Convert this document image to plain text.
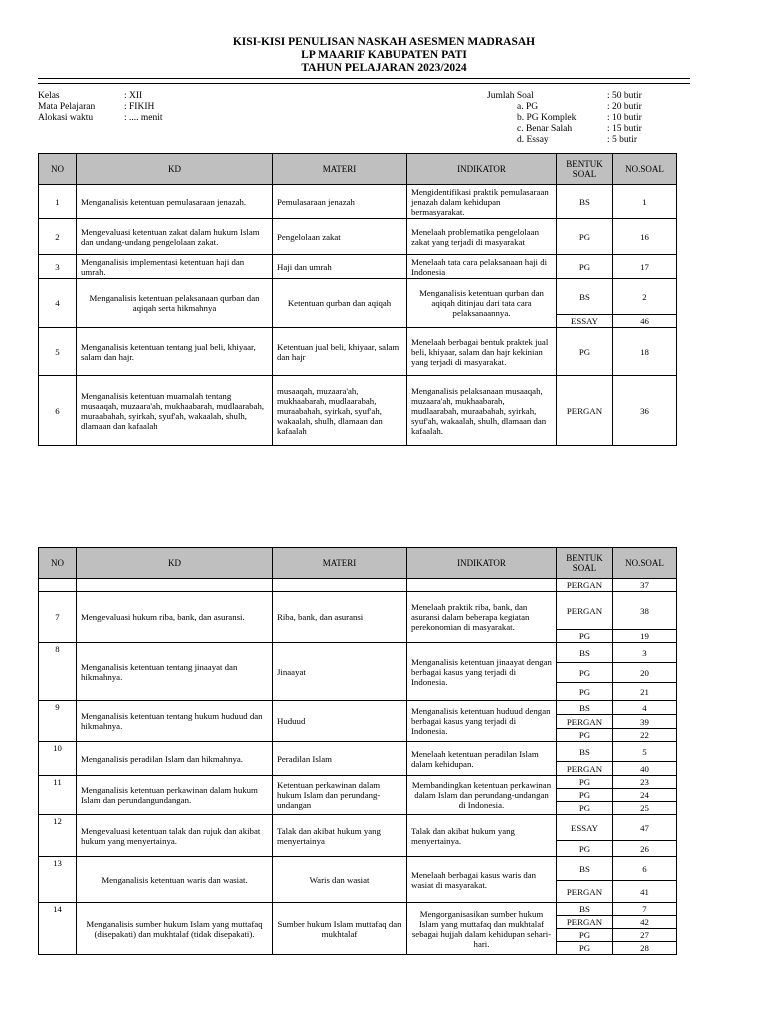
KISI-KISI PENULISAN NASKAH ASESMEN MADRASAH
LP MAARIF KABUPATEN PATI
TAHUN PELAJARAN 2023/2024
Kelas	: XII
Mata Pelajaran	: FIKIH
Alokasi waktu	: .... menit
Jumlah Soal	: 50 butir
a. PG	: 20 butir
b. PG Komplek	: 10 butir
c. Benar Salah	: 15 butir
d. Essay	: 5 butir
NO	KD	MATERI	INDIKATOR	BENTUK SOAL	NO.SOAL
1	Menganalisis ketentuan pemulasaraan jenazah.	Pemulasaraan jenazah	Mengidentifikasi praktik pemulasaraan jenazah dalam kehidupan bermasyarakat.	BS	1
2	Mengevaluasi ketentuan zakat dalam hukum Islam dan undang-undang pengelolaan zakat.	Pengelolaan zakat	Menelaah problematika pengelolaan zakat yang terjadi di masyarakat	PG	16
3	Menganalisis implementasi ketentuan haji dan umrah.	Haji dan umrah	Menelaah tata cara pelaksanaan haji di Indonesia	PG	17
4	Menganalisis ketentuan pelaksanaan qurban dan aqiqah serta hikmahnya	Ketentuan qurban dan aqiqah	Menganalisis ketentuan qurban dan aqiqah ditinjau dari tata cara pelaksanaannya.	BS	2
				ESSAY	46
5	Menganalisis ketentuan tentang jual beli, khiyaar, salam dan hajr.	Ketentuan jual beli, khiyaar, salam dan hajr	Menelaah berbagai bentuk praktek jual beli, khiyaar, salam dan hajr kekinian yang terjadi di masyarakat.	PG	18
6	Menganalisis ketentuan muamalah tentang musaaqah, muzaara'ah, mukhaabarah, mudlaarabah, muraabahah, syirkah, syuf'ah, wakaalah, shulh, dlamaan dan kafaalah	musaaqah, muzaara'ah, mukhaabarah, mudlaarabah, muraabahah, syirkah, syuf'ah, wakaalah, shulh, dlamaan dan kafaalah	Menganalisis pelaksanaan musaaqah, muzaara'ah, mukhaabarah, mudlaarabah, muraabahah, syirkah, syuf'ah, wakaalah, shulh, dlamaan dan kafaalah.	PERGAN	36
NO	KD	MATERI	INDIKATOR	BENTUK SOAL	NO.SOAL
				PERGAN	37
7	Mengevaluasi hukum riba, bank, dan asuransi.	Riba, bank, dan asuransi	Menelaah praktik riba, bank, dan asuransi dalam beberapa kegiatan perekonomian di masyarakat.	PERGAN	38
				PG	19
8	Menganalisis ketentuan tentang jinaayat dan hikmahnya.	Jinaayat	Menganalisis ketentuan jinaayat dengan berbagai kasus yang terjadi di Indonesia.	BS	3
				PG	20
				PG	21
9	Menganalisis ketentuan tentang hukum huduud dan hikmahnya.	Huduud	Menganalisis ketentuan huduud dengan berbagai kasus yang terjadi di Indonesia.	BS	4
				PERGAN	39
				PG	22
10	Menganalisis peradilan Islam dan hikmahnya.	Peradilan Islam	Menelaah ketentuan peradilan Islam dalam kehidupan.	BS	5
				PERGAN	40
11	Menganalisis ketentuan perkawinan dalam hukum Islam dan perundangundangan.	Ketentuan perkawinan dalam hukum Islam dan perundang-undangan	Membandingkan ketentuan perkawinan dalam Islam dan perundang-undangan di Indonesia.	PG	23
				PG	24
				PG	25
12	Mengevaluasi ketentuan talak dan rujuk dan akibat hukum yang menyertainya.	Talak dan akibat hukum yang menyertainya	Talak dan akibat hukum yang menyertainya.	ESSAY	47
				PG	26
13	Menganalisis ketentuan waris dan wasiat.	Waris dan wasiat	Menelaah berbagai kasus waris dan wasiat di masyarakat.	BS	6
				PERGAN	41
14	Menganalisis sumber hukum Islam yang muttafaq (disepakati) dan mukhtalaf (tidak disepakati).	Sumber hukum Islam muttafaq dan mukhtalaf	Mengorganisasikan sumber hukum Islam yang muttafaq dan mukhtalaf sebagai hujjah dalam kehidupan sehari-hari.	BS	7
				PERGAN	42
				PG	27
				PG	28
